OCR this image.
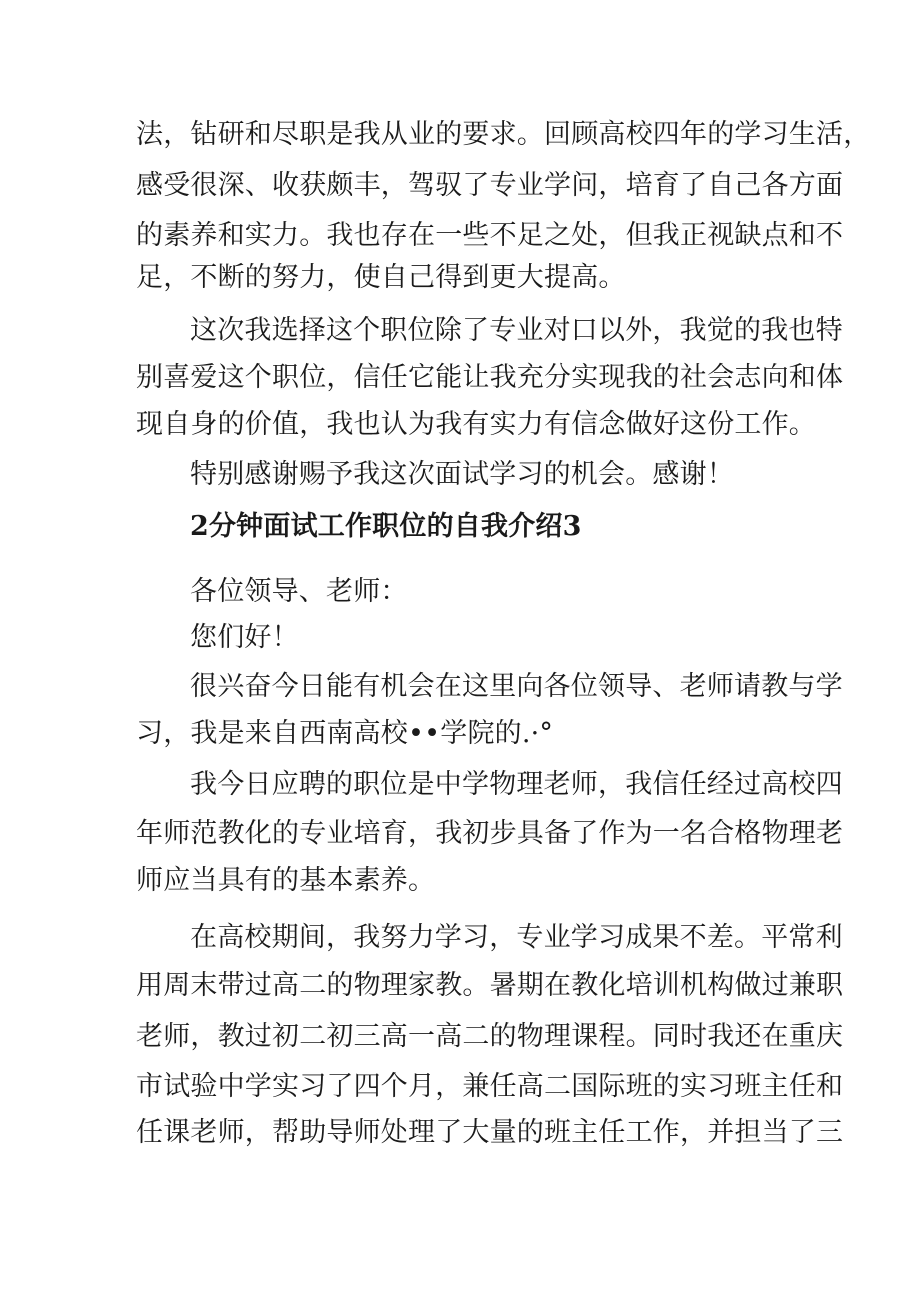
法，钻研和尽职是我从业的要求。回顾高校四年的学习生活，
感受很深、收获颇丰，驾驭了专业学问，培育了自己各方面
的素养和实力。我也存在一些不足之处，但我正视缺点和不
足，不断的努力，使自己得到更大提高。
这次我选择这个职位除了专业对口以外，我觉的我也特
别喜爱这个职位，信任它能让我充分实现我的社会志向和体
现自身的价值，我也认为我有实力有信念做好这份工作。
特别感谢赐予我这次面试学习的机会。感谢！
2分钟面试工作职位的自我介绍3
各位领导、老师：
您们好！
很兴奋今日能有机会在这里向各位领导、老师请教与学
习，我是来自西南高校••学院的.·°
我今日应聘的职位是中学物理老师，我信任经过高校四
年师范教化的专业培育，我初步具备了作为一名合格物理老
师应当具有的基本素养。
在高校期间，我努力学习，专业学习成果不差。平常利
用周末带过高二的物理家教。暑期在教化培训机构做过兼职
老师，教过初二初三高一高二的物理课程。同时我还在重庆
市试验中学实习了四个月，兼任高二国际班的实习班主任和
任课老师，帮助导师处理了大量的班主任工作，并担当了三
